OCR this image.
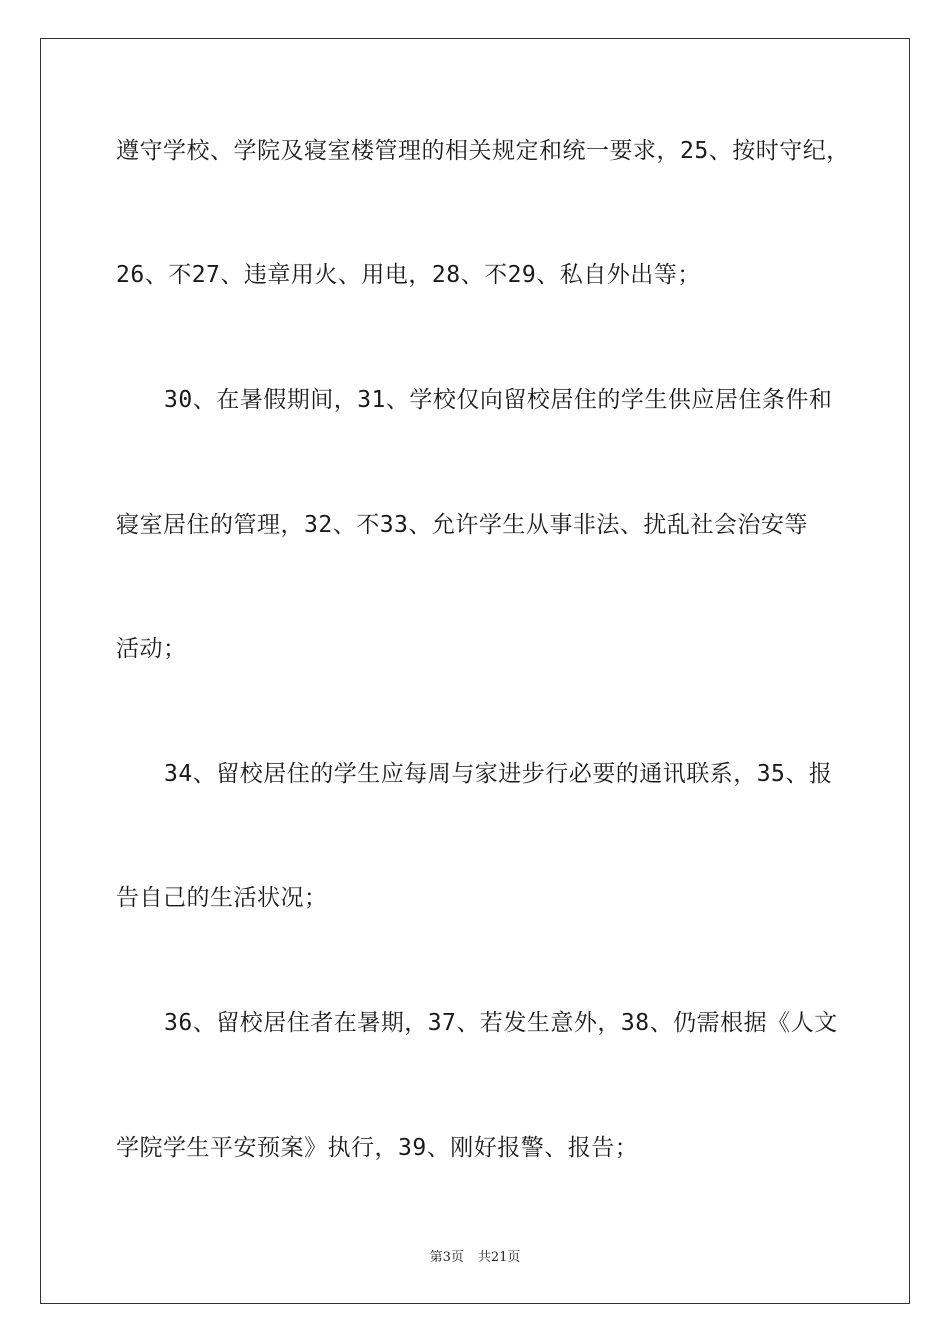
遵守学校、学院及寝室楼管理的相关规定和统一要求，25、按时守纪，
26、不27、违章用火、用电，28、不29、私自外出等；
30、在暑假期间，31、学校仅向留校居住的学生供应居住条件和
寝室居住的管理，32、不33、允许学生从事非法、扰乱社会治安等
活动；
34、留校居住的学生应每周与家进步行必要的通讯联系，35、报
告自己的生活状况；
36、留校居住者在暑期，37、若发生意外，38、仍需根据《人文
学院学生平安预案》执行，39、刚好报警、报告；
第3页 共21页
